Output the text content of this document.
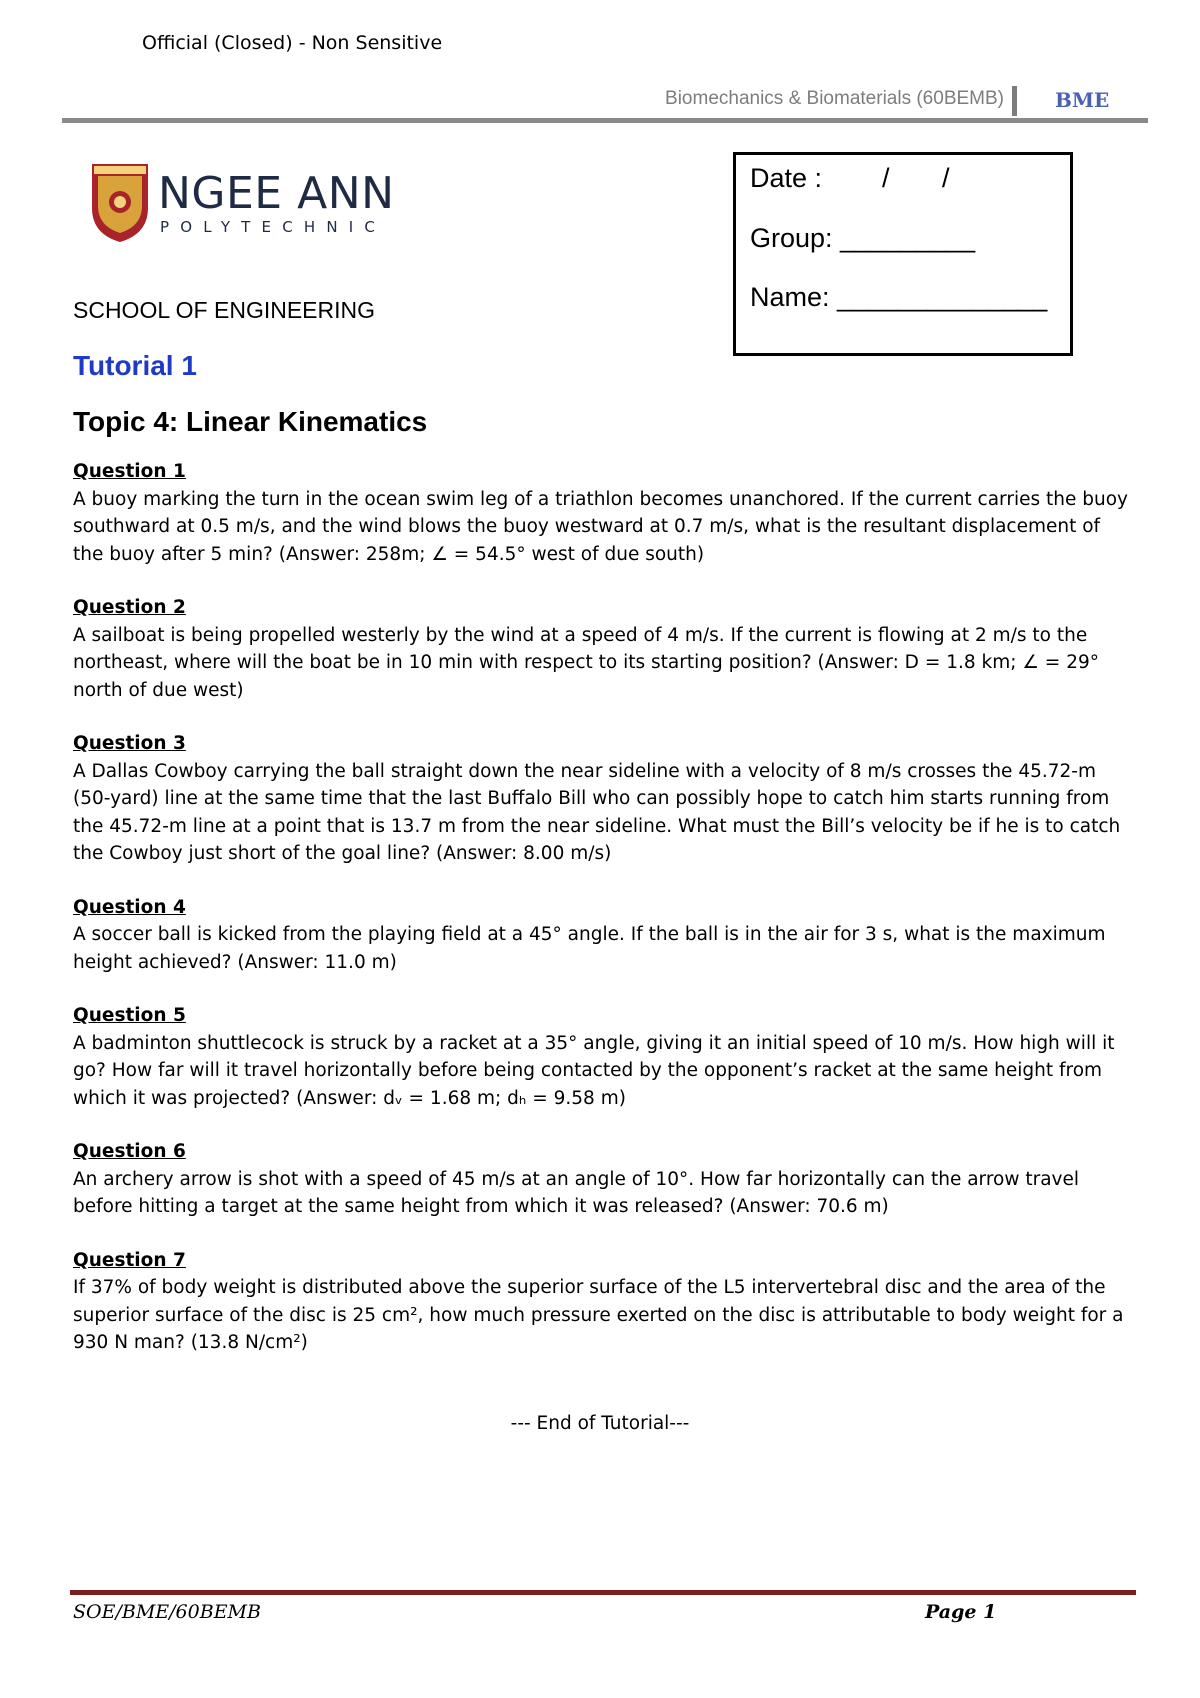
Official (Closed) - Non Sensitive
Biomechanics & Biomaterials (60BEMB)	BME
NGEE ANN
POLYTECHNIC
SCHOOL OF ENGINEERING
Tutorial 1
Topic 4: Linear Kinematics
Date :        /       /
Group: _________
Name: ______________
Question 1
A buoy marking the turn in the ocean swim leg of a triathlon becomes unanchored. If the current carries the buoy southward at 0.5 m/s, and the wind blows the buoy westward at 0.7 m/s, what is the resultant displacement of the buoy after 5 min? (Answer: 258m; ∠ = 54.5° west of due south)
Question 2
A sailboat is being propelled westerly by the wind at a speed of 4 m/s. If the current is flowing at 2 m/s to the northeast, where will the boat be in 10 min with respect to its starting position? (Answer: D = 1.8 km; ∠ = 29° north of due west)
Question 3
A Dallas Cowboy carrying the ball straight down the near sideline with a velocity of 8 m/s crosses the 45.72-m (50-yard) line at the same time that the last Buffalo Bill who can possibly hope to catch him starts running from the 45.72-m line at a point that is 13.7 m from the near sideline. What must the Bill’s velocity be if he is to catch the Cowboy just short of the goal line? (Answer: 8.00 m/s)
Question 4
A soccer ball is kicked from the playing field at a 45° angle. If the ball is in the air for 3 s, what is the maximum height achieved? (Answer: 11.0 m)
Question 5
A badminton shuttlecock is struck by a racket at a 35° angle, giving it an initial speed of 10 m/s. How high will it go? How far will it travel horizontally before being contacted by the opponent’s racket at the same height from which it was projected? (Answer: dᵥ = 1.68 m; dₕ = 9.58 m)
Question 6
An archery arrow is shot with a speed of 45 m/s at an angle of 10°. How far horizontally can the arrow travel before hitting a target at the same height from which it was released? (Answer: 70.6 m)
Question 7
If 37% of body weight is distributed above the superior surface of the L5 intervertebral disc and the area of the superior surface of the disc is 25 cm², how much pressure exerted on the disc is attributable to body weight for a 930 N man? (13.8 N/cm²)
--- End of Tutorial---
SOE/BME/60BEMB	Page 1
